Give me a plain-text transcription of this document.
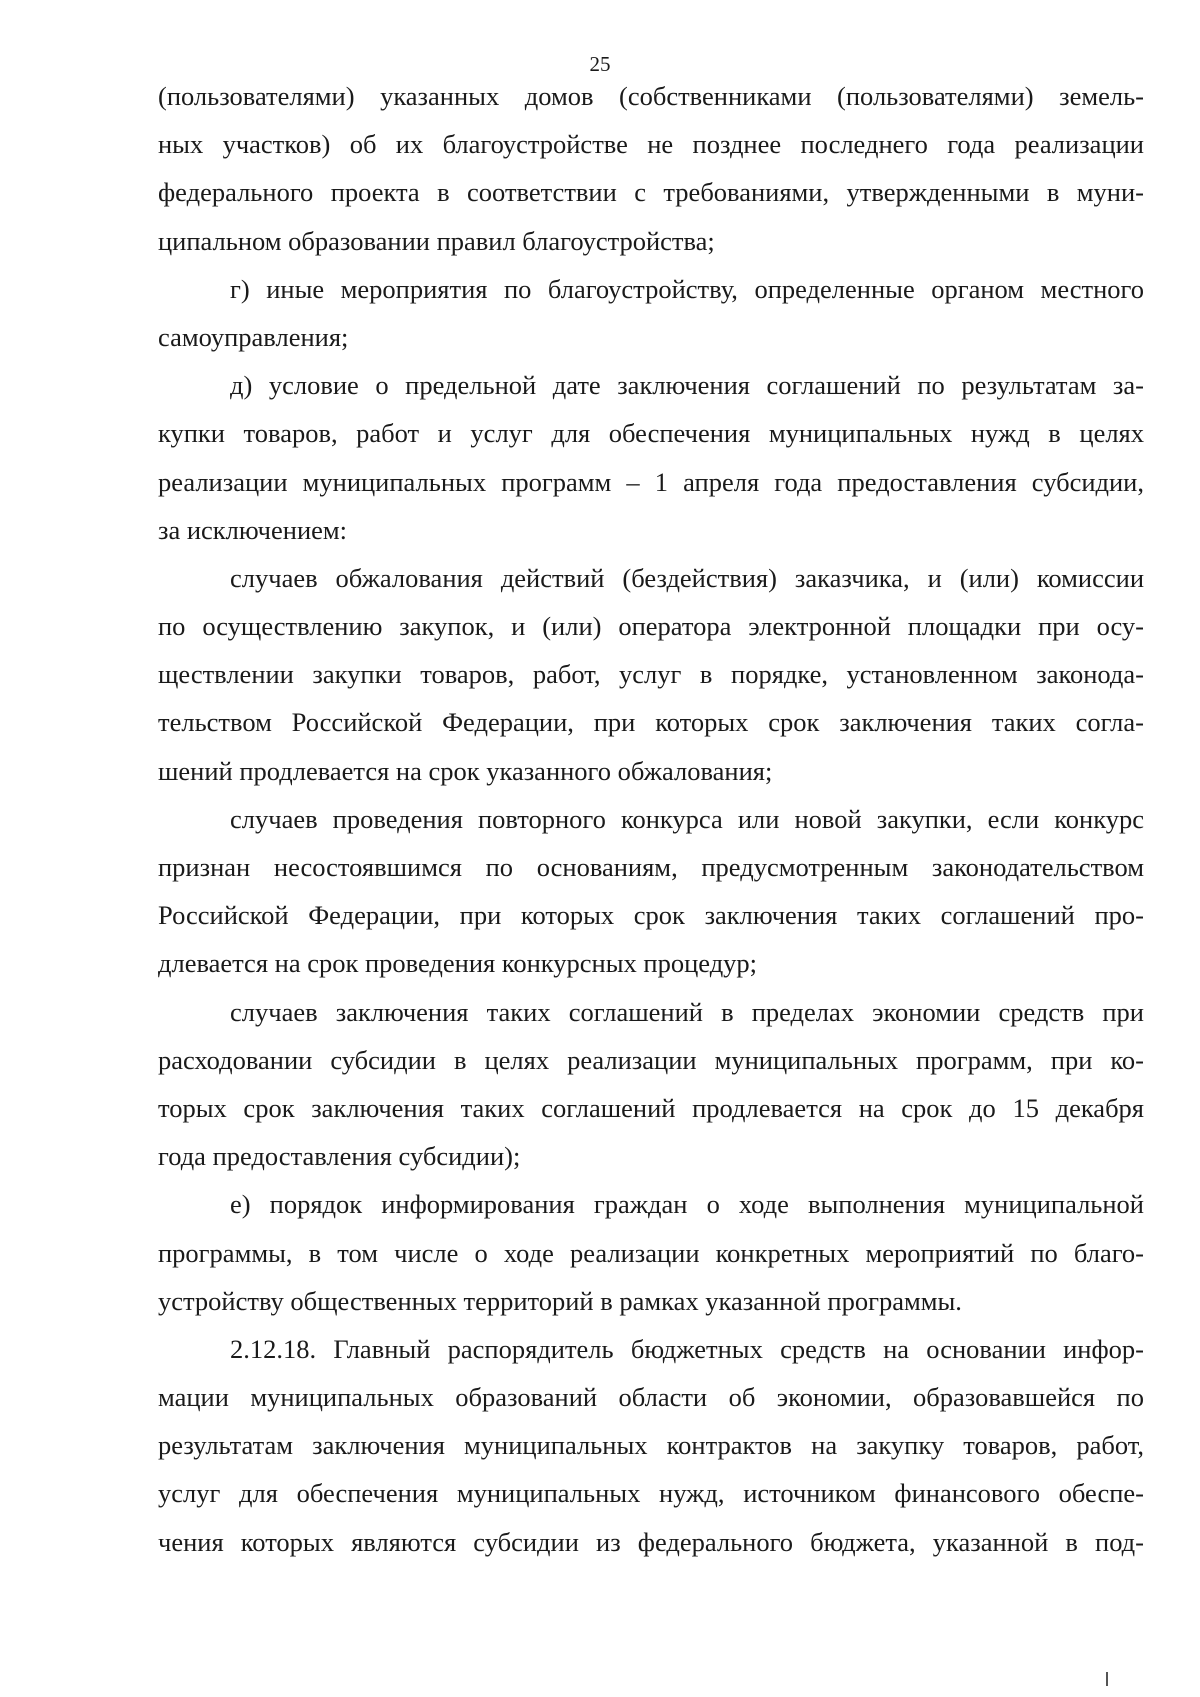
25
(пользователями) указанных домов (собственниками (пользователями) земель-
ных участков) об их благоустройстве не позднее последнего года реализации
федерального проекта в соответствии с требованиями, утвержденными в муни-
ципальном образовании правил благоустройства;
г) иные мероприятия по благоустройству, определенные органом местного
самоуправления;
д) условие о предельной дате заключения соглашений по результатам за-
купки товаров, работ и услуг для обеспечения муниципальных нужд в целях
реализации муниципальных программ – 1 апреля года предоставления субсидии,
за исключением:
случаев обжалования действий (бездействия) заказчика, и (или) комиссии
по осуществлению закупок, и (или) оператора электронной площадки при осу-
ществлении закупки товаров, работ, услуг в порядке, установленном законода-
тельством Российской Федерации, при которых срок заключения таких согла-
шений продлевается на срок указанного обжалования;
случаев проведения повторного конкурса или новой закупки, если конкурс
признан несостоявшимся по основаниям, предусмотренным законодательством
Российской Федерации, при которых срок заключения таких соглашений про-
длевается на срок проведения конкурсных процедур;
случаев заключения таких соглашений в пределах экономии средств при
расходовании субсидии в целях реализации муниципальных программ, при ко-
торых срок заключения таких соглашений продлевается на срок до 15 декабря
года предоставления субсидии);
е) порядок информирования граждан о ходе выполнения муниципальной
программы, в том числе о ходе реализации конкретных мероприятий по благо-
устройству общественных территорий в рамках указанной программы.
2.12.18. Главный распорядитель бюджетных средств на основании инфор-
мации муниципальных образований области об экономии, образовавшейся по
результатам заключения муниципальных контрактов на закупку товаров, работ,
услуг для обеспечения муниципальных нужд, источником финансового обеспе-
чения которых являются субсидии из федерального бюджета, указанной в под-
